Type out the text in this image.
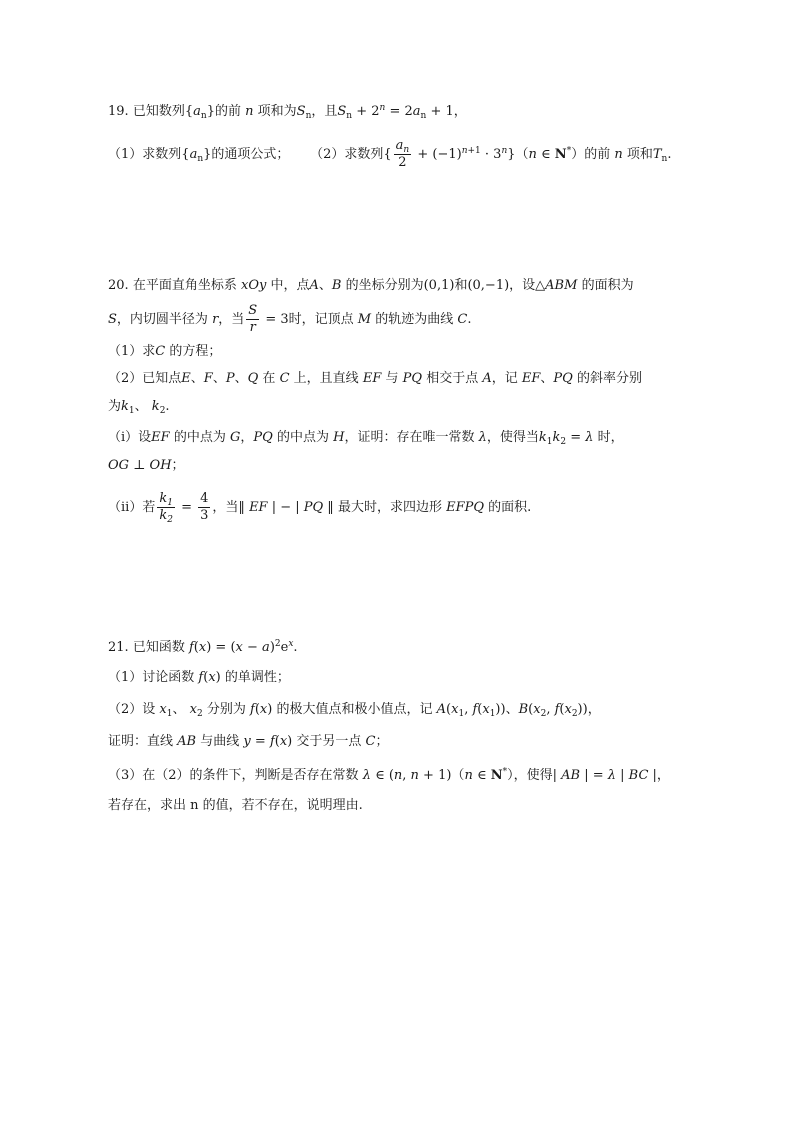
19. 已知数列$\{a_n\}$的前 n 项和为$S_n$，且$S_n + 2^n = 2a_n + 1$，
（1）求数列$\{a_n\}$的通项公式； （2）求数列{ $\frac{a_n}{2} + (-1)^{n+1} \cdot 3^n\}(n$ ∈ N*）的前 n 项和$T_n$.
20. 在平面直角坐标系 xOy 中，点A、B 的坐标分别为(0,1)和(0,−1)，设△ABM 的面积为
S，内切圆半径为 r，当 $\frac{S}{r} = 3$时，记顶点 M 的轨迹为曲线 C.
（1）求C 的方程；
（2）已知点E、F、P、Q 在 C 上，且直线 EF 与 PQ 相交于点 A，记 EF、PQ 的斜率分别
为$k_1$、 $k_2$.
（i）设EF 的中点为 G，PQ 的中点为 H，证明：存在唯一常数 λ，使得当$k_1k_2 = \lambda$ 时，
OG ⊥ OH；
（ii）若 $\frac{k_1}{k_2} = \frac{4}{3}$ ，当‖ EF | − | PQ ‖ 最大时，求四边形 EFPQ 的面积.
21. 已知函数 $f(x) = (x - a)^2e^x$.
（1）讨论函数 f(x) 的单调性；
（2）设 $x_1$、 $x_2$ 分别为 f(x) 的极大值点和极小值点，记 $A(x_1$, $f(x_1)$)、$B(x_2$, $f(x_2)$)，
证明：直线 AB 与曲线 y = f(x) 交于另一点 C；
（3）在（2）的条件下，判断是否存在常数 λ ∈ (n, n + 1)（n ∈ N*），使得| AB | = λ | BC |，
若存在，求出 n 的值，若不存在，说明理由.
